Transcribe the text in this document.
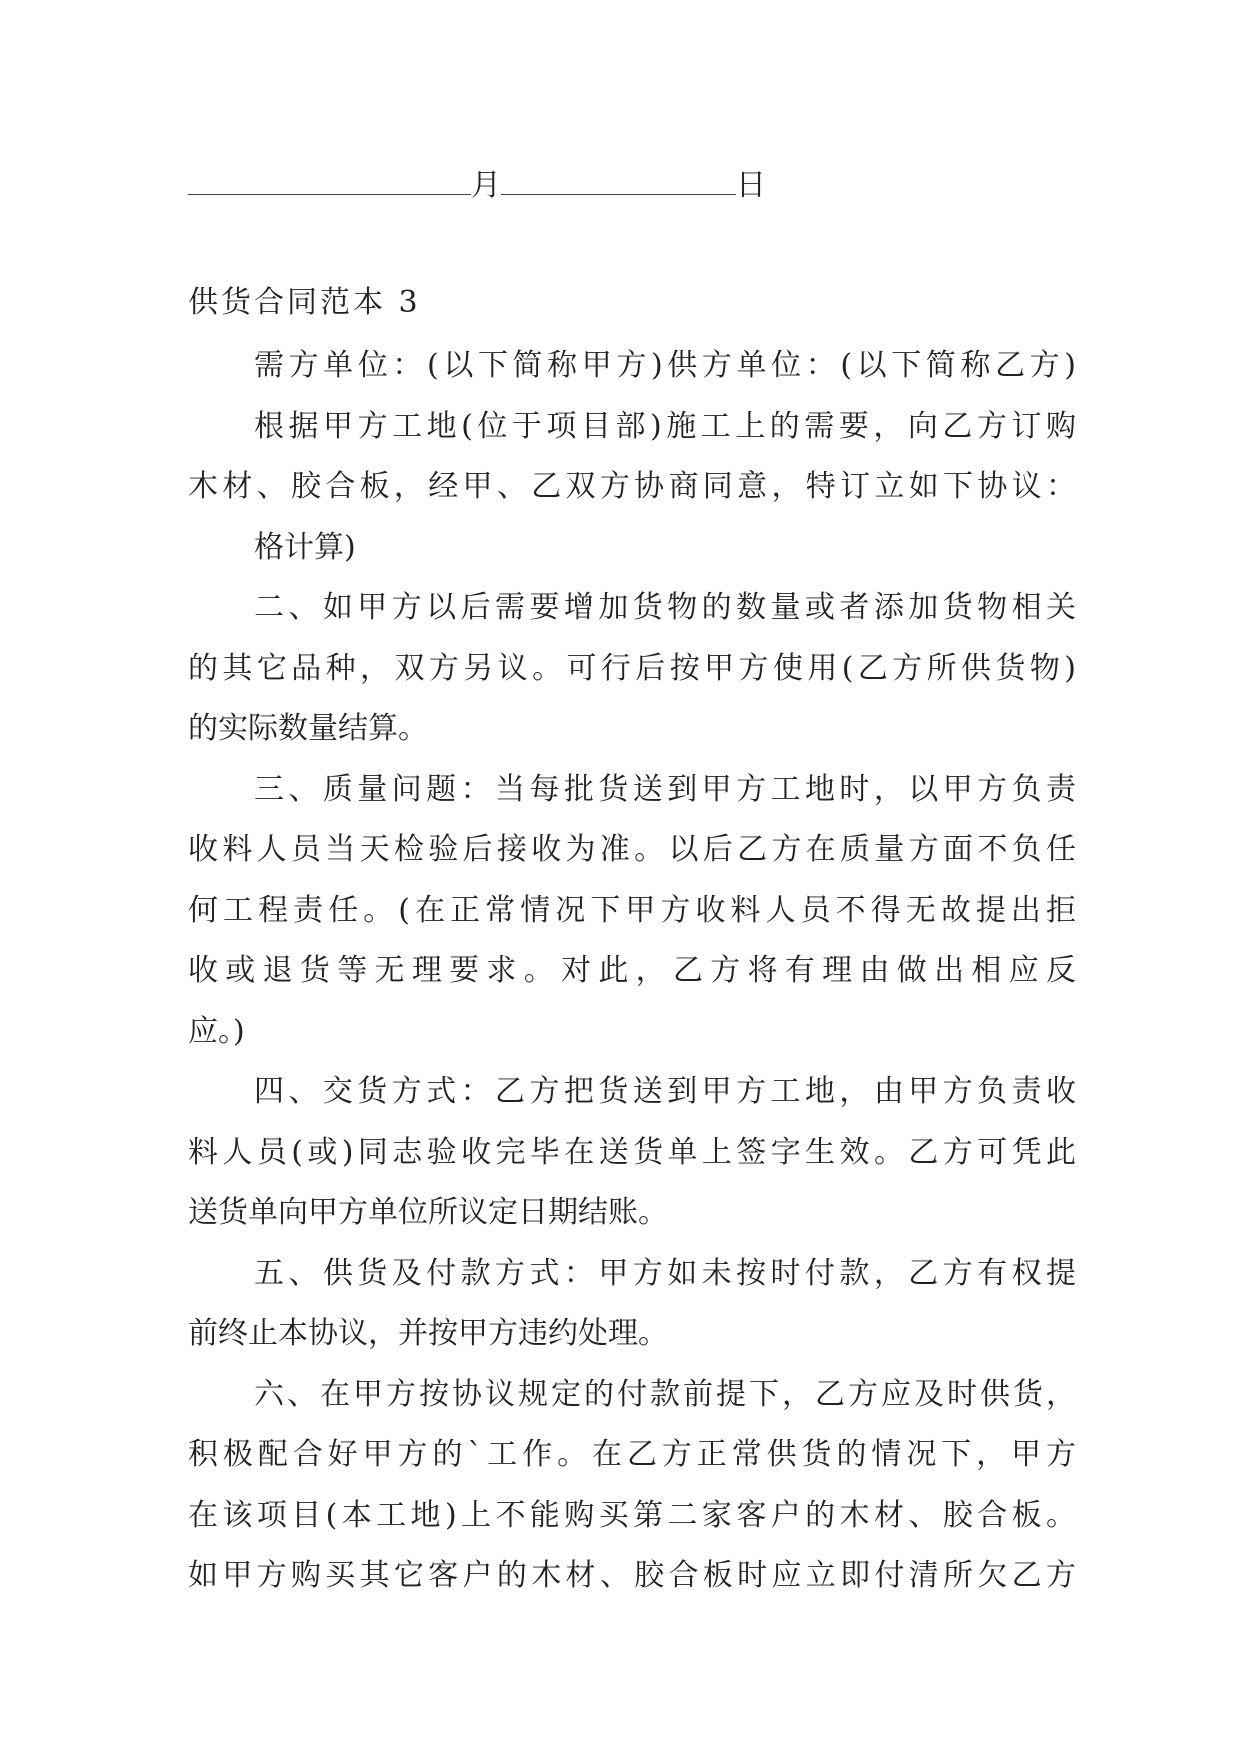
月	日
供货合同范本 3
需方单位：(以下简称甲方)供方单位：(以下简称乙方)
根据甲方工地(位于项目部)施工上的需要，向乙方订购
木材、胶合板，经甲、乙双方协商同意，特订立如下协议：
格计算)
二、如甲方以后需要增加货物的数量或者添加货物相关
的其它品种，双方另议。可行后按甲方使用(乙方所供货物)
的实际数量结算。
三、质量问题：当每批货送到甲方工地时，以甲方负责
收料人员当天检验后接收为准。以后乙方在质量方面不负任
何工程责任。(在正常情况下甲方收料人员不得无故提出拒
收或退货等无理要求。对此，乙方将有理由做出相应反
应。)
四、交货方式：乙方把货送到甲方工地，由甲方负责收
料人员(或)同志验收完毕在送货单上签字生效。乙方可凭此
送货单向甲方单位所议定日期结账。
五、供货及付款方式：甲方如未按时付款，乙方有权提
前终止本协议，并按甲方违约处理。
六、在甲方按协议规定的付款前提下，乙方应及时供货，
积极配合好甲方的`工作。在乙方正常供货的情况下，甲方
在该项目(本工地)上不能购买第二家客户的木材、胶合板。
如甲方购买其它客户的木材、胶合板时应立即付清所欠乙方
